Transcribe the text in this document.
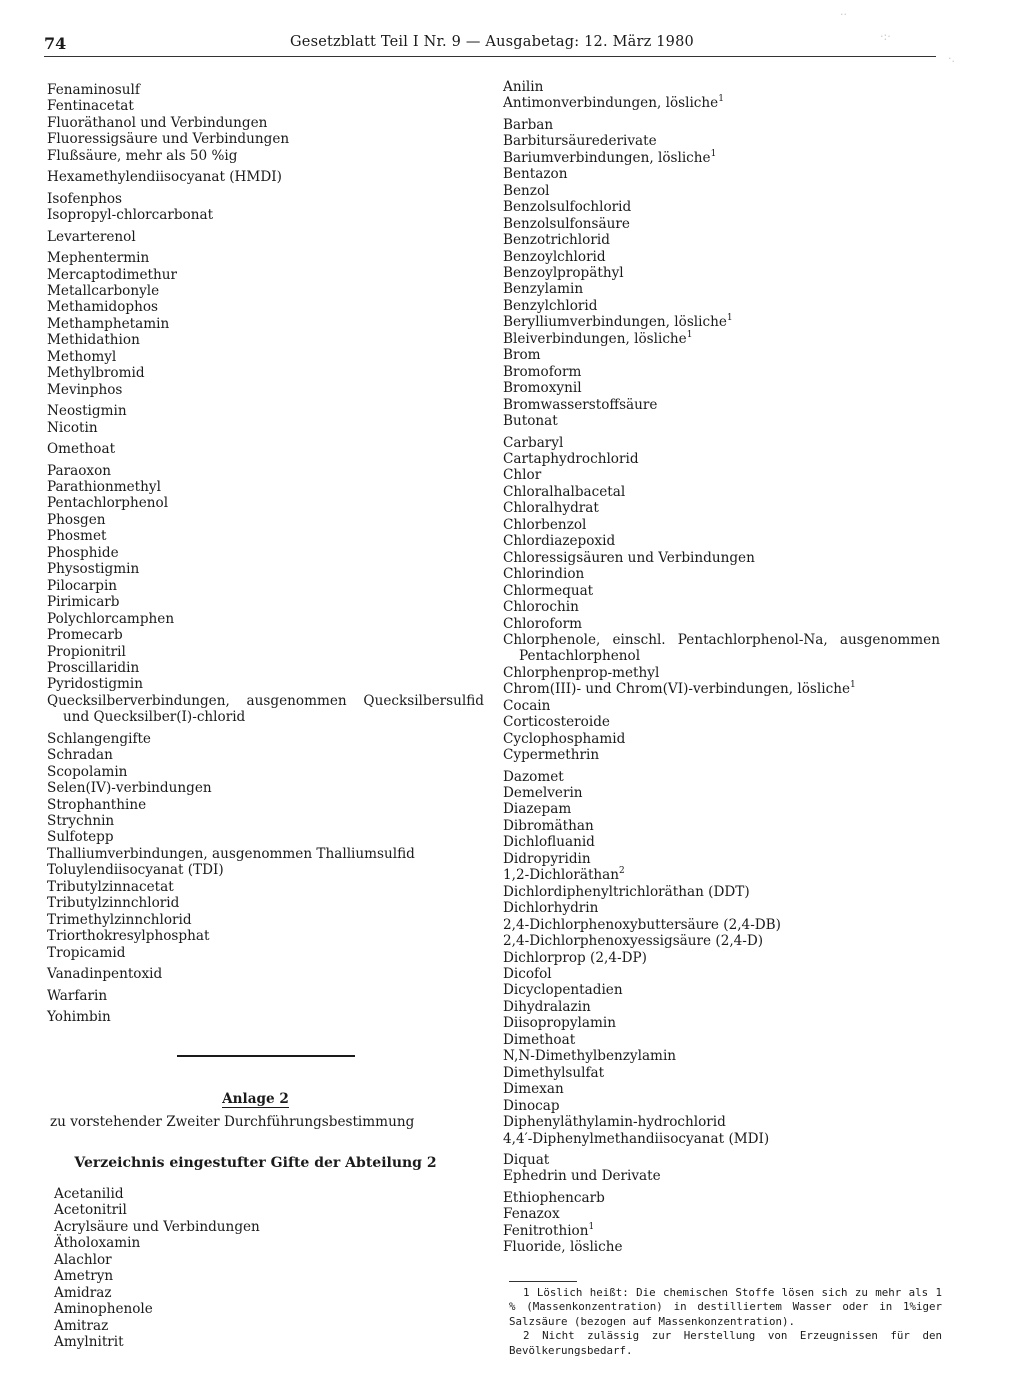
··
·:·
·.
74	Gesetzblatt Teil I Nr. 9 — Ausgabetag: 12. März 1980
Fenaminosulf
Fentinacetat
Fluoräthanol und Verbindungen
Fluoressigsäure und Verbindungen
Flußsäure, mehr als 50 %ig
Hexamethylendiisocyanat (HMDI)
Isofenphos
Isopropyl-chlorcarbonat
Levarterenol
Mephentermin
Mercaptodimethur
Metallcarbonyle
Methamidophos
Methamphetamin
Methidathion
Methomyl
Methylbromid
Mevinphos
Neostigmin
Nicotin
Omethoat
Paraoxon
Parathionmethyl
Pentachlorphenol
Phosgen
Phosmet
Phosphide
Physostigmin
Pilocarpin
Pirimicarb
Polychlorcamphen
Promecarb
Propionitril
Proscillaridin
Pyridostigmin
Quecksilberverbindungen, ausgenommen Quecksilbersulfid
und Quecksilber(I)-chlorid
Schlangengifte
Schradan
Scopolamin
Selen(IV)-verbindungen
Strophanthine
Strychnin
Sulfotepp
Thalliumverbindungen, ausgenommen Thalliumsulfid
Toluylendiisocyanat (TDI)
Tributylzinnacetat
Tributylzinnchlorid
Trimethylzinnchlorid
Triorthokresylphosphat
Tropicamid
Vanadinpentoxid
Warfarin
Yohimbin
Anlage 2
zu vorstehender Zweiter Durchführungsbestimmung
Verzeichnis eingestufter Gifte der Abteilung 2
Acetanilid
Acetonitril
Acrylsäure und Verbindungen
Ätholoxamin
Alachlor
Ametryn
Amidraz
Aminophenole
Amitraz
Amylnitrit
Anilin
Antimonverbindungen, lösliche$^1$
Barban
Barbitursäurederivate
Bariumverbindungen, lösliche$^1$
Bentazon
Benzol
Benzolsulfochlorid
Benzolsulfonsäure
Benzotrichlorid
Benzoylchlorid
Benzoylpropäthyl
Benzylamin
Benzylchlorid
Berylliumverbindungen, lösliche$^1$
Bleiverbindungen, lösliche$^1$
Brom
Bromoform
Bromoxynil
Bromwasserstoffsäure
Butonat
Carbaryl
Cartaphydrochlorid
Chlor
Chloralhalbacetal
Chloralhydrat
Chlorbenzol
Chlordiazepoxid
Chloressigsäuren und Verbindungen
Chlorindion
Chlormequat
Chlorochin
Chloroform
Chlorphenole, einschl. Pentachlorphenol-Na, ausgenommen
Pentachlorphenol
Chlorphenprop-methyl
Chrom(III)- und Chrom(VI)-verbindungen, lösliche$^1$
Cocain
Corticosteroide
Cyclophosphamid
Cypermethrin
Dazomet
Demelverin
Diazepam
Dibromäthan
Dichlofluanid
Didropyridin
1,2-Dichloräthan$^2$
Dichlordiphenyltrichloräthan (DDT)
Dichlorhydrin
2,4-Dichlorphenoxybuttersäure (2,4-DB)
2,4-Dichlorphenoxyessigsäure (2,4-D)
Dichlorprop (2,4-DP)
Dicofol
Dicyclopentadien
Dihydralazin
Diisopropylamin
Dimethoat
N,N-Dimethylbenzylamin
Dimethylsulfat
Dimexan
Dinocap
Diphenyläthylamin-hydrochlorid
4,4′-Diphenylmethandiisocyanat (MDI)
Diquat
Ephedrin und Derivate
Ethiophencarb
Fenazox
Fenitrothion$^1$
Fluoride, lösliche
1 Löslich heißt: Die chemischen Stoffe lösen sich zu mehr als 1 % (Massenkonzentration) in destilliertem Wasser oder in 1%iger Salzsäure (bezogen auf Massenkonzentration).
2 Nicht zulässig zur Herstellung von Erzeugnissen für den Bevölkerungsbedarf.
